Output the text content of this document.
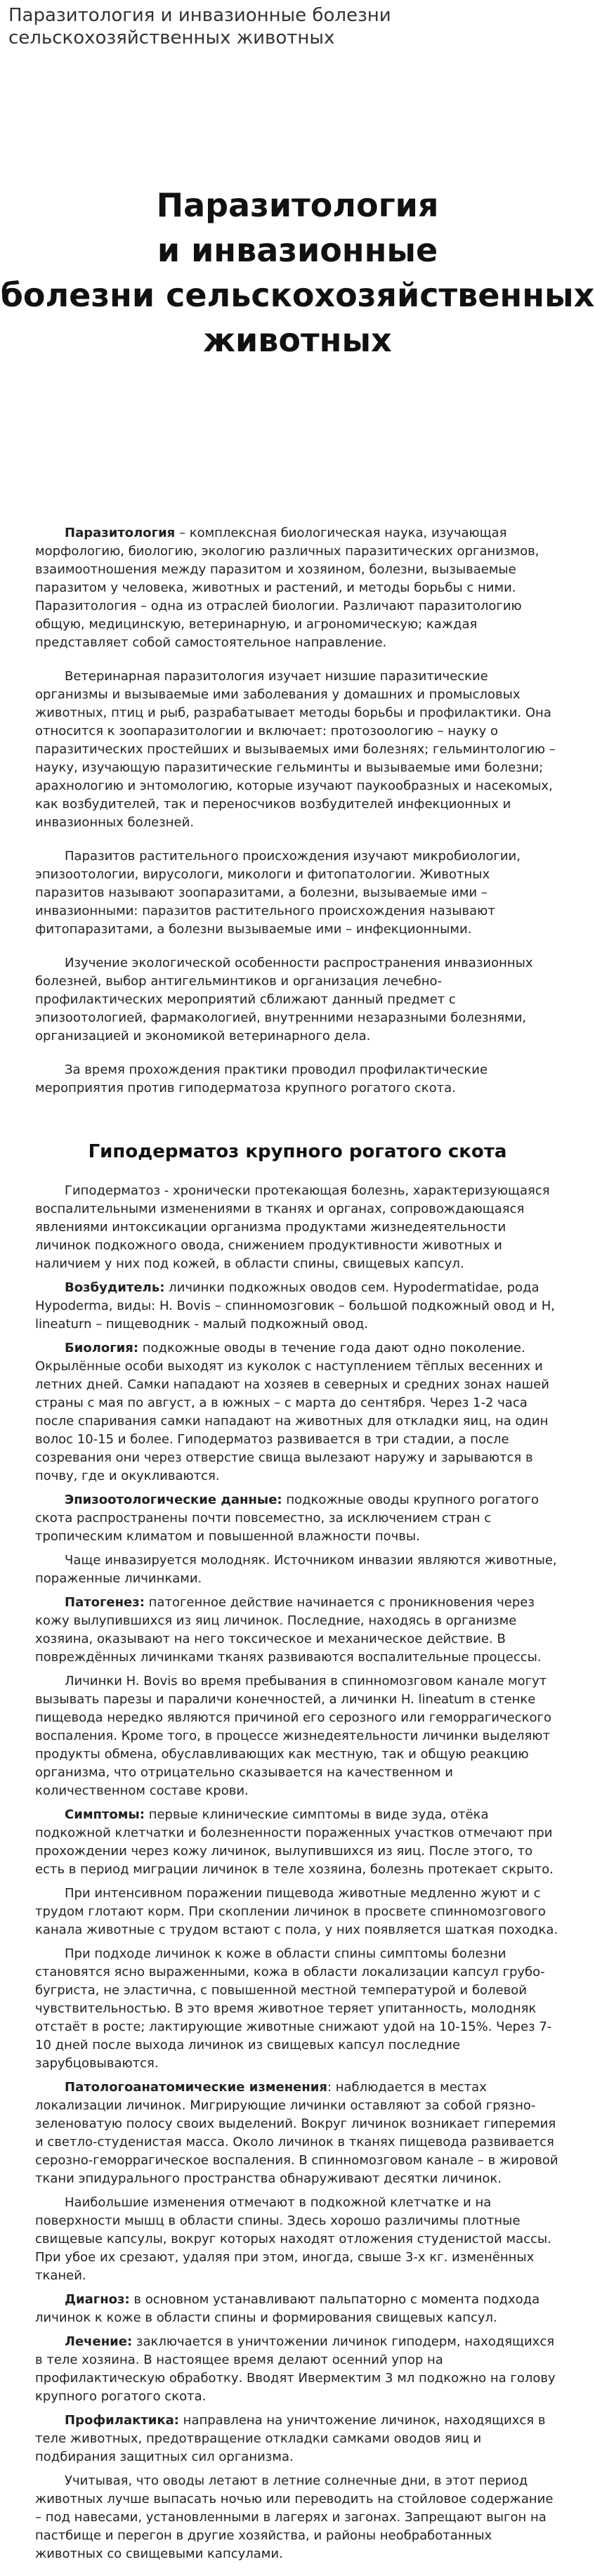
Паразитология и инвазионные болезни сельскохозяйственных животных
Паразитология
и инвазионные
болезни сельскохозяйственных
животных

Паразитология – комплексная биологическая наука, изучающая морфологию, биологию, экологию различных паразитических организмов, взаимоотношения между паразитом и хозяином, болезни, вызываемые паразитом у человека, животных и растений, и методы борьбы с ними. Паразитология – одна из отраслей биологии. Различают паразитологию общую, медицинскую, ветеринарную, и агрономическую; каждая представляет собой самостоятельное направление.

Ветеринарная паразитология изучает низшие паразитические организмы и вызываемые ими заболевания у домашних и промысловых животных, птиц и рыб, разрабатывает методы борьбы и профилактики. Она относится к зоопаразитологии и включает: протозоологию – науку о паразитических простейших и вызываемых ими болезнях; гельминтологию – науку, изучающую паразитические гельминты и вызываемые ими болезни; арахнологию и энтомологию, которые изучают паукообразных и насекомых, как возбудителей, так и переносчиков возбудителей инфекционных и инвазионных болезней.

Паразитов растительного происхождения изучают микробиологии, эпизоотологии, вирусологи, микологи и фитопатологии. Животных паразитов называют зоопаразитами, а болезни, вызываемые ими – инвазионными: паразитов растительного происхождения называют фитопаразитами, а болезни вызываемые ими – инфекционными.

Изучение экологической особенности распространения инвазионных болезней, выбор антигельминтиков и организация лечебно-профилактических мероприятий сближают данный предмет с эпизоотологией, фармакологией, внутренними незаразными болезнями, организацией и экономикой ветеринарного дела.

За время прохождения практики проводил профилактические мероприятия против гиподерматоза крупного рогатого скота.

Гиподерматоз крупного рогатого скота

Гиподерматоз - хронически протекающая болезнь, характеризующаяся воспалительными изменениями в тканях и органах, сопровождающаяся явлениями интоксикации организма продуктами жизнедеятельности личинок подкожного овода, снижением продуктивности животных и наличием у них под кожей, в области спины, свищевых капсул.

Возбудитель: личинки подкожных оводов сем. Hypodermatidae, рода Hypoderma, виды: H. Bovis – спинномозговик – большой подкожный овод и H, lineaturn – пищеводник - малый подкожный овод.

Биология: подкожные оводы в течение года дают одно поколение. Окрылённые особи выходят из куколок с наступлением тёплых весенних и летних дней. Самки нападают на хозяев в северных и средних зонах нашей страны с мая по август, а в южных – с марта до сентября. Через 1-2 часа после спаривания самки нападают на животных для откладки яиц, на один волос 10-15 и более. Гиподерматоз развивается в три стадии, а после созревания они через отверстие свища вылезают наружу и зарываются в почву, где и окукливаются.

Эпизоотологические данные: подкожные оводы крупного рогатого скота распространены почти повсеместно, за исключением стран с тропическим климатом и повышенной влажности почвы.

Чаще инвазируется молодняк. Источником инвазии являются животные, пораженные личинками.

Патогенез: патогенное действие начинается с проникновения через кожу вылупившихся из яиц личинок. Последние, находясь в организме хозяина, оказывают на него токсическое и механическое действие. В повреждённых личинками тканях развиваются воспалительные процессы.

Личинки H. Bovis во время пребывания в спинномозговом канале могут вызывать парезы и параличи конечностей, а личинки H. lineatum в стенке пищевода нередко являются причиной его серозного или геморрагического воспаления. Кроме того, в процессе жизнедеятельности личинки выделяют продукты обмена, обуславливающих как местную, так и общую реакцию организма, что отрицательно сказывается на качественном и количественном составе крови.

Симптомы: первые клинические симптомы в виде зуда, отёка подкожной клетчатки и болезненности пораженных участков отмечают при прохождении через кожу личинок, вылупившихся из яиц. После этого, то есть в период миграции личинок в теле хозяина, болезнь протекает скрыто.

При интенсивном поражении пищевода животные медленно жуют и с трудом глотают корм. При скоплении личинок в просвете спинномозгового канала животные с трудом встают с пола, у них появляется шаткая походка.

При подходе личинок к коже в области спины симптомы болезни становятся ясно выраженными, кожа в области локализации капсул грубо-бугриста, не эластична, с повышенной местной температурой и болевой чувствительностью. В это время животное теряет упитанность, молодняк отстаёт в росте; лактирующие животные снижают удой на 10-15%. Через 7-10 дней после выхода личинок из свищевых капсул последние зарубцовываются.

Патологоанатомические изменения: наблюдается в местах локализации личинок. Мигрирующие личинки оставляют за собой грязно-зеленоватую полосу своих выделений. Вокруг личинок возникает гиперемия и светло-студенистая масса. Около личинок в тканях пищевода развивается серозно-геморрагическое воспаления. В спинномозговом канале – в жировой ткани эпидурального пространства обнаруживают десятки личинок.

Наибольшие изменения отмечают в подкожной клетчатке и на поверхности мышц в области спины. Здесь хорошо различимы плотные свищевые капсулы, вокруг которых находят отложения студенистой массы. При убое их срезают, удаляя при этом, иногда, свыше 3-х кг. изменённых тканей.

Диагноз: в основном устанавливают пальпаторно с момента подхода личинок к коже в области спины и формирования свищевых капсул.

Лечение: заключается в уничтожении личинок гиподерм, находящихся в теле хозяина. В настоящее время делают осенний упор на профилактическую обработку. Вводят Ивермектим 3 мл подкожно на голову крупного рогатого скота.

Профилактика: направлена на уничтожение личинок, находящихся в теле животных, предотвращение откладки самками оводов яиц и подбирания защитных сил организма.

Учитывая, что оводы летают в летние солнечные дни, в этот период животных лучше выпасать ночью или переводить на стойловое содержание – под навесами, установленными в лагерях и загонах. Запрещают выгон на пастбище и перегон в другие хозяйства, и районы необработанных животных со свищевыми капсулами.
